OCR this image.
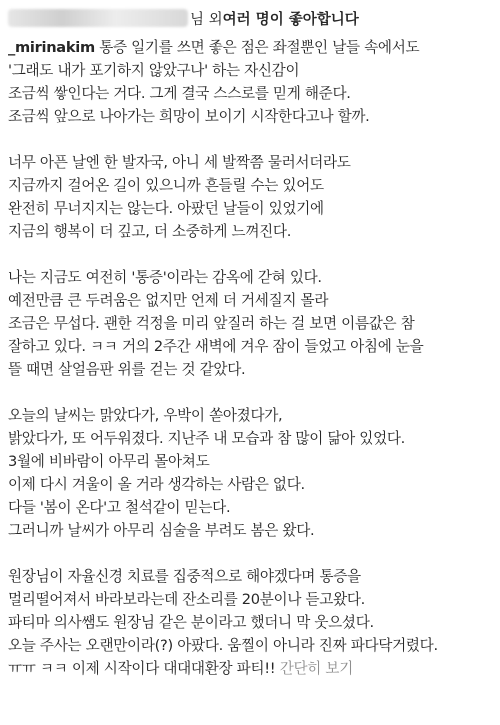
님 외 여러 명이 좋아합니다
_mirinakim 통증 일기를 쓰면 좋은 점은 좌절뿐인 날들 속에서도
'그래도 내가 포기하지 않았구나' 하는 자신감이
조금씩 쌓인다는 거다. 그게 결국 스스로를 믿게 해준다.
조금씩 앞으로 나아가는 희망이 보이기 시작한다고나 할까.
너무 아픈 날엔 한 발자국, 아니 세 발짝쯤 물러서더라도
지금까지 걸어온 길이 있으니까 흔들릴 수는 있어도
완전히 무너지지는 않는다. 아팠던 날들이 있었기에
지금의 행복이 더 깊고, 더 소중하게 느껴진다.
나는 지금도 여전히 '통증'이라는 감옥에 갇혀 있다.
예전만큼 큰 두려움은 없지만 언제 더 거세질지 몰라
조금은 무섭다. 괜한 걱정을 미리 앞질러 하는 걸 보면 이름값은 참
잘하고 있다. ㅋㅋ 거의 2주간 새벽에 겨우 잠이 들었고 아침에 눈을
뜰 때면 살얼음판 위를 걷는 것 같았다.
오늘의 날씨는 맑았다가, 우박이 쏟아졌다가,
밝았다가, 또 어두워졌다. 지난주 내 모습과 참 많이 닮아 있었다.
3월에 비바람이 아무리 몰아쳐도
이제 다시 겨울이 올 거라 생각하는 사람은 없다.
다들 '봄이 온다'고 철석같이 믿는다.
그러니까 날씨가 아무리 심술을 부려도 봄은 왔다.
원장님이 자율신경 치료를 집중적으로 해야겠다며 통증을
멀리떨어져서 바라보라는데 잔소리를 20분이나 듣고왔다.
파티마 의사쌤도 원장님 같은 분이라고 했더니 막 웃으셨다.
오늘 주사는 오랜만이라(?) 아팠다. 움찔이 아니라 진짜 파다닥거렸다.
ㅠㅠ ㅋㅋ 이제 시작이다 대대대환장 파티!! 간단히 보기
